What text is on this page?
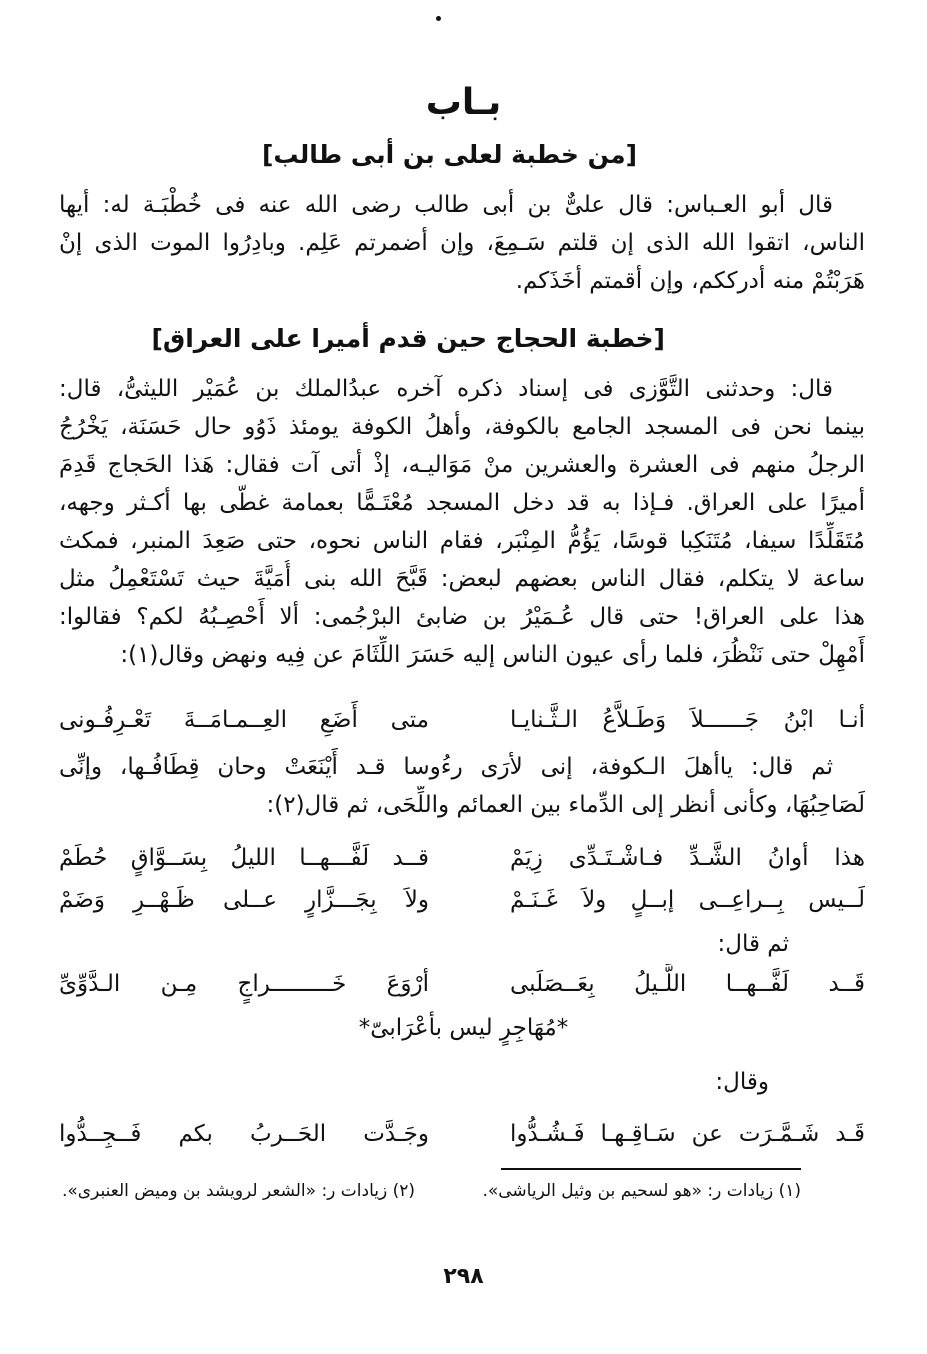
بـاب
[من خطبة لعلى بن أبى طالب]
قال أبو العـباس: قال علىٌّ بن أبى طالب رضى الله عنه فى خُطْبَـة له: أيها
الناس، اتقوا الله الذى إن قلتم سَـمِعَ، وإن أضمرتم عَلِم. وبادِرُوا الموت الذى إنْ
هَرَبْتُمْ منه أدرككم، وإن أقمتم أخَذَكم.
[خطبة الحجاج حين قدم أميرا على العراق]
قال: وحدثنى التَّوَّزى فى إسناد ذكره آخره عبدُالملك بن عُمَيْر الليثىُّ، قال:
بينما نحن فى المسجد الجامع بالكوفة، وأهلُ الكوفة يومئذ ذَوُو حال حَسَنَة، يَخْرُجُ
الرجلُ منهم فى العشرة والعشرين منْ مَوَاليـه، إذْ أتى آت فقال: هَذا الحَجاج قَدِمَ
أميرًا على العراق. فـإذا به قد دخل المسجد مُعْتَـمًّا بعمامة غطّى بها أكـثر وجهه،
مُتَقَلِّدًا سيفا، مُتَنَكِبا قوسًا، يَؤُمُّ المِنْبَر، فقام الناس نحوه، حتى صَعِدَ المنبر، فمكث
ساعة لا يتكلم، فقال الناس بعضهم لبعض: قَبَّحَ الله بنى أُمَيَّةَ حيث تَسْتَعْمِلُ مثل
هذا على العراق! حتى قال عُـمَيْرُ بن ضابئ البرْجُمى: ألا أَحْصِـبُهُ لكم؟ فقالوا:
أَمْهِلْ حتى نَنْظُرَ، فلما رأى عيون الناس إليه حَسَرَ اللِّثَامَ عن فِيه ونهض وقال(١):
أنـا ابْنُ جَــــــلاَ وَطَـلاَّعُ الـثَّـنايـا
متى أَضَعِ العِــمـامَــةَ تَعْـرِفُـونى
ثم قال: ياأهلَ الـكوفة، إنى لأرَى رءُوسا قـد أَيْنَعَتْ وحان قِطَافُـها، وإنِّى
لَصَاحِبُهَا، وكأنى أنظر إلى الدِّماء بين العمائم واللِّحَى، ثم قال(٢):
هذا أوانُ الشَّـدِّ فـاشْـتَـدِّى زِيَمْ
قــد لَفَّـــهــا الليلُ بِسَــوَّاقٍ حُطَمْ
لَــيس بِــراعِــى إبــلٍ ولاَ غَـنَـمْ
ولاَ بِجَـــزَّارٍ عــلى ظَـهْــرِ وَضَمْ
ثم قال:
قَــد لَفَّــهــا اللَّـيلُ بِعَــصَلَبى
أرْوَعَ خَـــــــــراجٍ مِـن الـدَّوِّىِّ
*مُهَاجِرٍ ليس بأعْرَابىّ*
وقال:
قَـد شَـمَّـرَت عن سَـاقِـهـا فَـشُـدُّوا
وجَـدَّت الحَــربُ بكم فَــجِــدُّوا
(١) زيادات ر: «هو لسحيم بن وثيل الرياشى».
(٢) زيادات ر: «الشعر لرويشد بن وميض العنبرى».
٢٩٨
